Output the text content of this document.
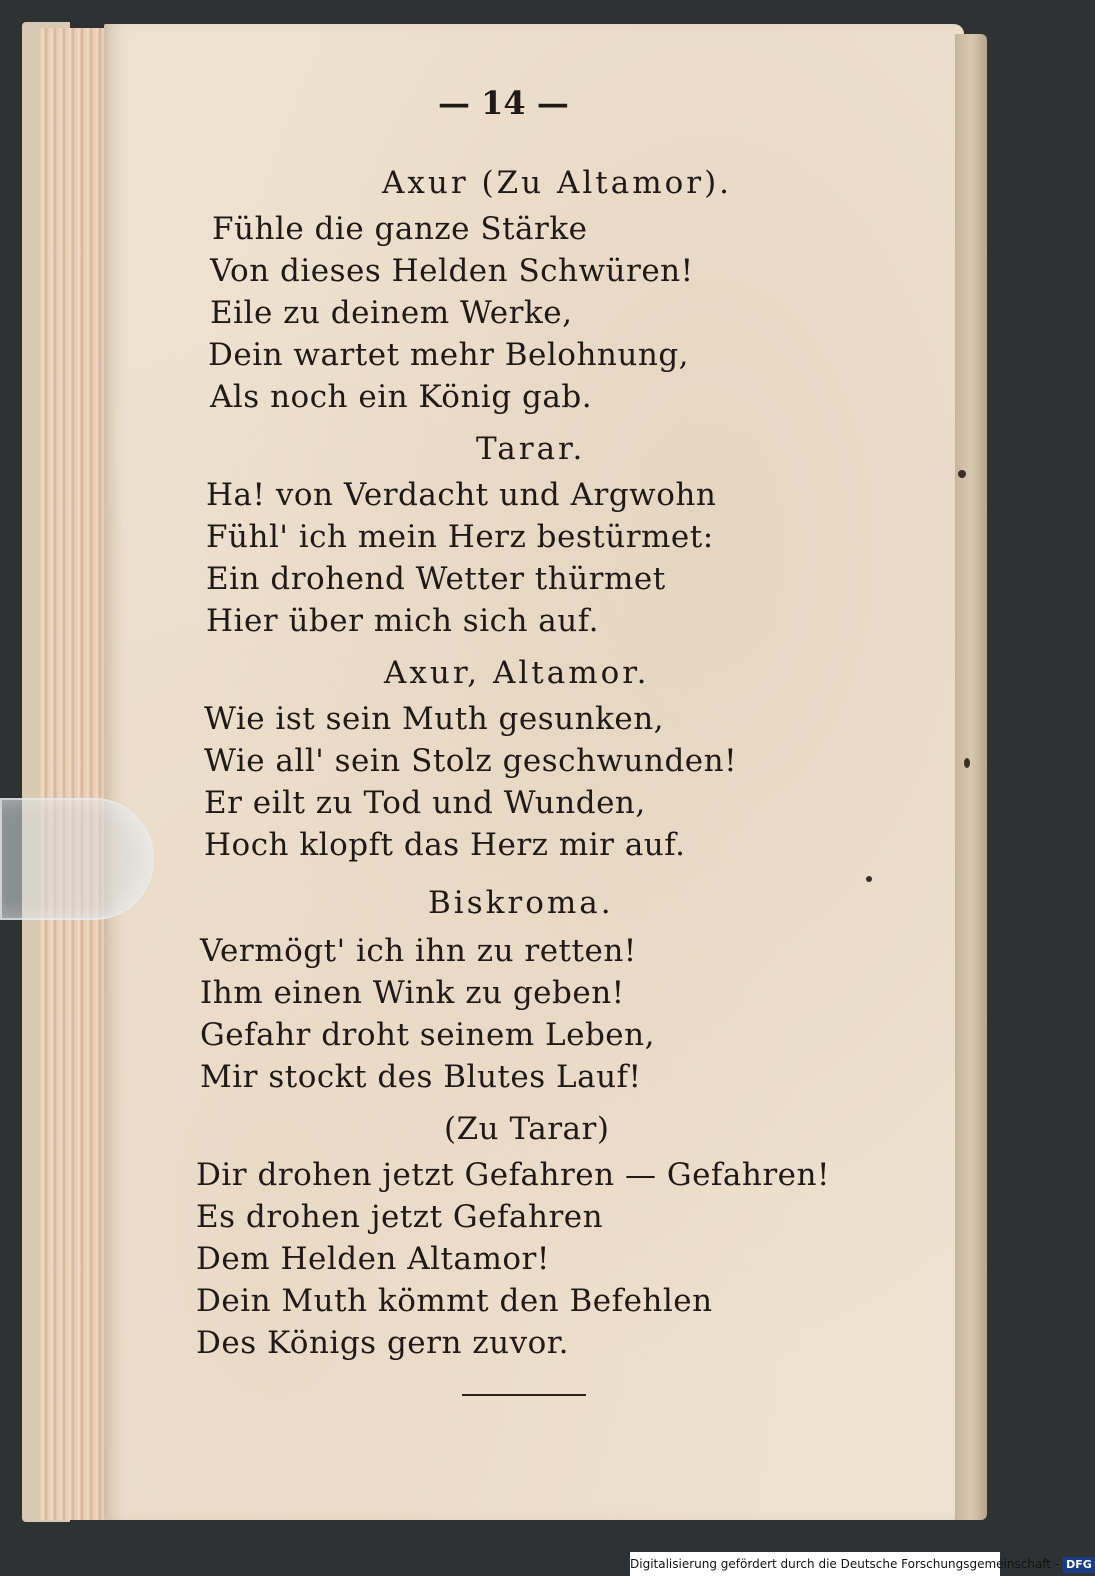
— 14 —
Axur (Zu Altamor).
Fühle die ganze Stärke
Von dieses Helden Schwüren!
Eile zu deinem Werke,
Dein wartet mehr Belohnung,
Als noch ein König gab.
Tarar.
Ha! von Verdacht und Argwohn
Fühl' ich mein Herz bestürmet:
Ein drohend Wetter thürmet
Hier über mich sich auf.
Axur, Altamor.
Wie ist sein Muth gesunken,
Wie all' sein Stolz geschwunden!
Er eilt zu Tod und Wunden,
Hoch klopft das Herz mir auf.
Biskroma.
Vermögt' ich ihn zu retten!
Ihm einen Wink zu geben!
Gefahr droht seinem Leben,
Mir stockt des Blutes Lauf!
(Zu Tarar)
Dir drohen jetzt Gefahren — Gefahren!
Es drohen jetzt Gefahren
Dem Helden Altamor!
Dein Muth kömmt den Befehlen
Des Königs gern zuvor.
Digitalisierung gefördert durch die Deutsche Forschungsgemeinschaft - DFG
